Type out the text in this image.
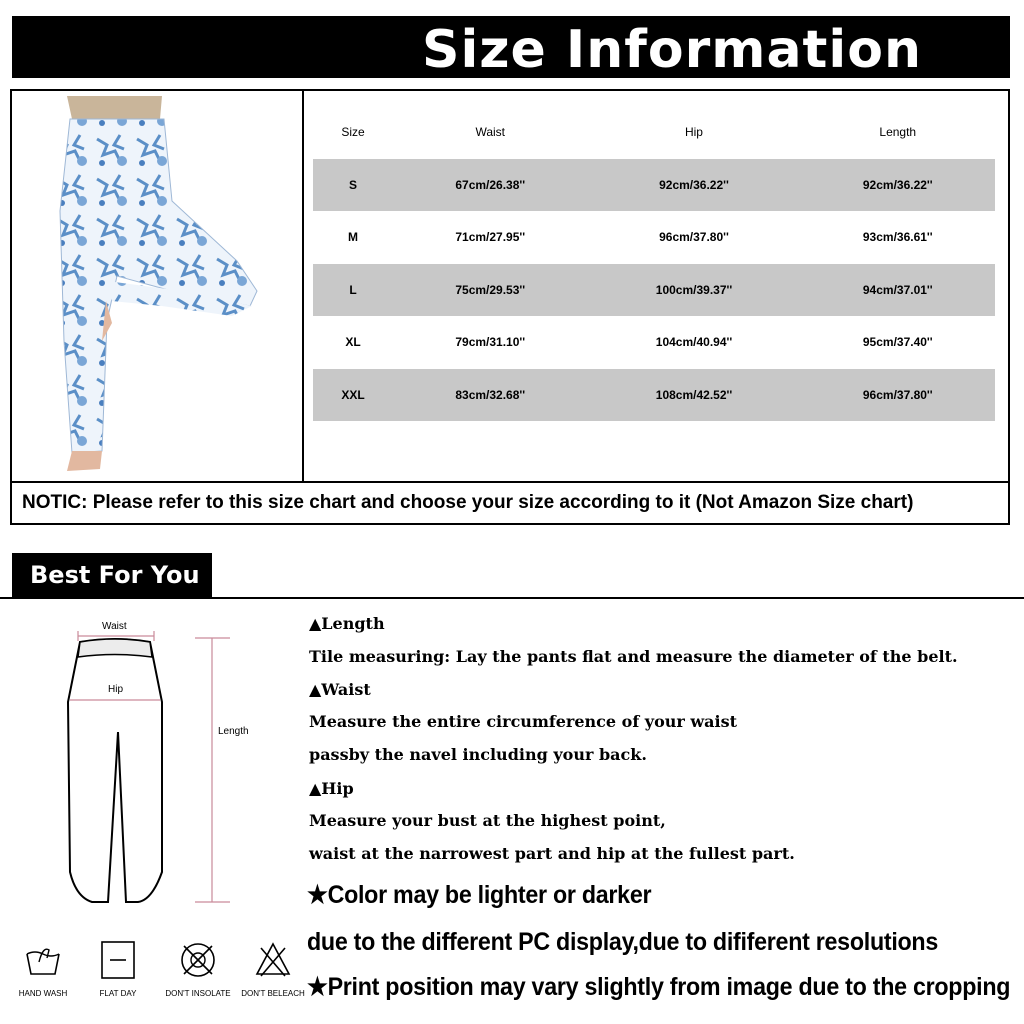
Size Information
NOTIC: Please refer to this size chart and choose your size according to it (Not Amazon Size chart)
Size	Waist	Hip	Length
S	67cm/26.38''	92cm/36.22''	92cm/36.22''
M	71cm/27.95''	96cm/37.80''	93cm/36.61''
L	75cm/29.53''	100cm/39.37''	94cm/37.01''
XL	79cm/31.10''	104cm/40.94''	95cm/37.40''
XXL	83cm/32.68''	108cm/42.52''	96cm/37.80''
Best For You
Waist
Hip
Length
HAND WASH	FLAT DAY	DON'T INSOLATE	DON'T BELEACH
▲Length
Tile measuring: Lay the pants flat and measure the diameter of the belt.
▲Waist
Measure the entire circumference of your waist
passby the navel including your back.
▲Hip
Measure your bust at the highest point,
waist at the narrowest part and hip at the fullest part.
★Color may be lighter or darker
due to the different PC display,due to dififerent resolutions
★Print position may vary slightly from image due to the cropping
